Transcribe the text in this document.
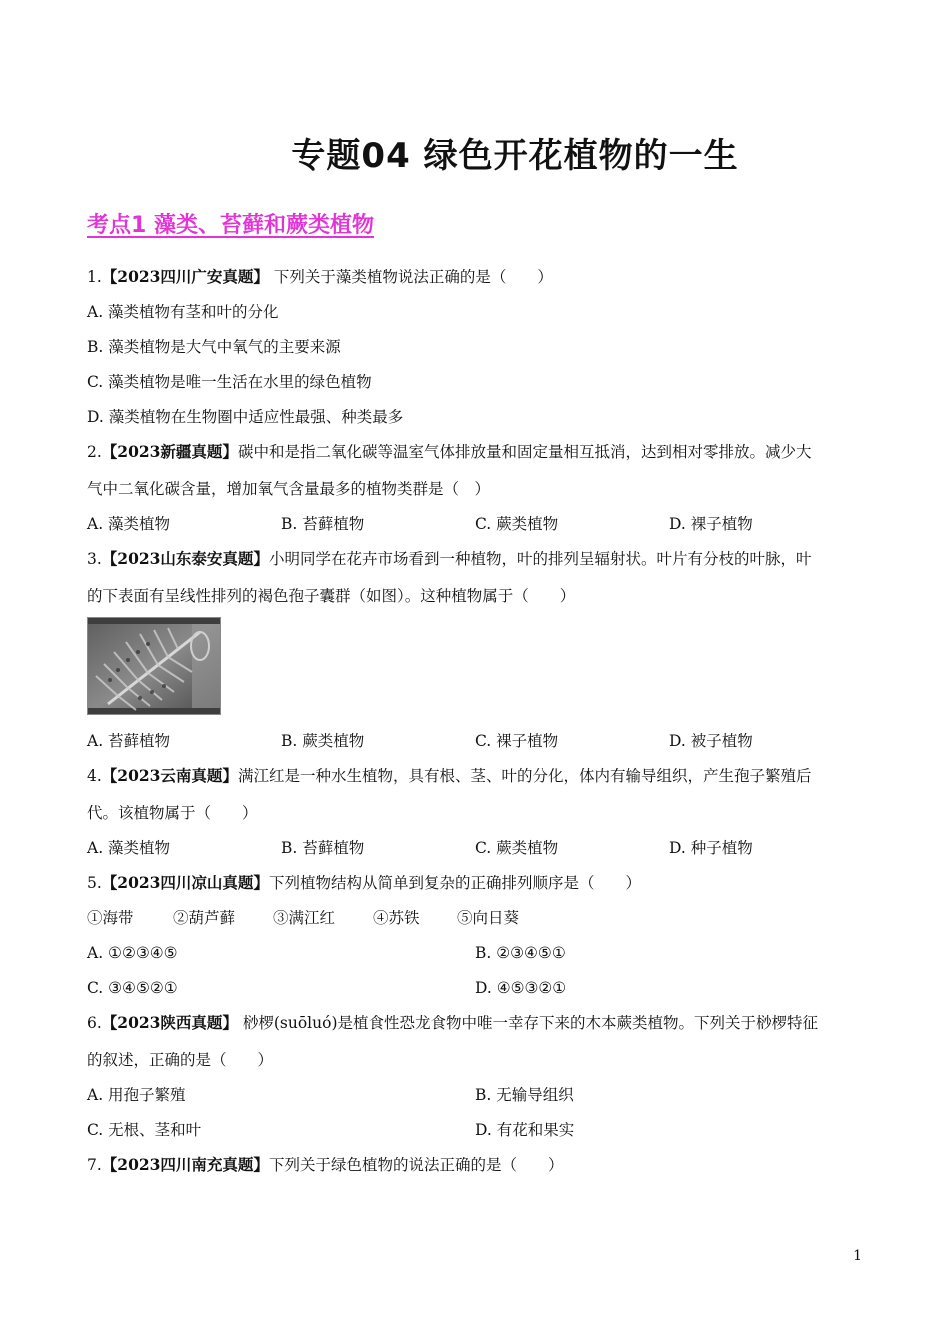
专题04 绿色开花植物的一生
考点1 藻类、苔藓和蕨类植物
1.【2023四川广安真题】 下列关于藻类植物说法正确的是（　　）
A. 藻类植物有茎和叶的分化
B. 藻类植物是大气中氧气的主要来源
C. 藻类植物是唯一生活在水里的绿色植物
D. 藻类植物在生物圈中适应性最强、种类最多
2.【2023新疆真题】碳中和是指二氧化碳等温室气体排放量和固定量相互抵消，达到相对零排放。减少大
气中二氧化碳含量，增加氧气含量最多的植物类群是（　）
A. 藻类植物	B. 苔藓植物	C. 蕨类植物	D. 裸子植物
3.【2023山东泰安真题】小明同学在花卉市场看到一种植物，叶的排列呈辐射状。叶片有分枝的叶脉，叶
的下表面有呈线性排列的褐色孢子囊群（如图）。这种植物属于（　　）
A. 苔藓植物	B. 蕨类植物	C. 裸子植物	D. 被子植物
4.【2023云南真题】满江红是一种水生植物，具有根、茎、叶的分化，体内有输导组织，产生孢子繁殖后
代。该植物属于（　　）
A. 藻类植物	B. 苔藓植物	C. 蕨类植物	D. 种子植物
5.【2023四川凉山真题】下列植物结构从简单到复杂的正确排列顺序是（　　）
①海带	②葫芦藓 ③满江红 ④苏铁 ⑤向日葵
A. ①②③④⑤	B. ②③④⑤①
C. ③④⑤②①	D. ④⑤③②①
6.【2023陕西真题】 桫椤(suōluó)是植食性恐龙食物中唯一幸存下来的木本蕨类植物。下列关于桫椤特征
的叙述，正确的是（　　）
A. 用孢子繁殖	B. 无输导组织
C. 无根、茎和叶	D. 有花和果实
7.【2023四川南充真题】下列关于绿色植物的说法正确的是（　　）
1
